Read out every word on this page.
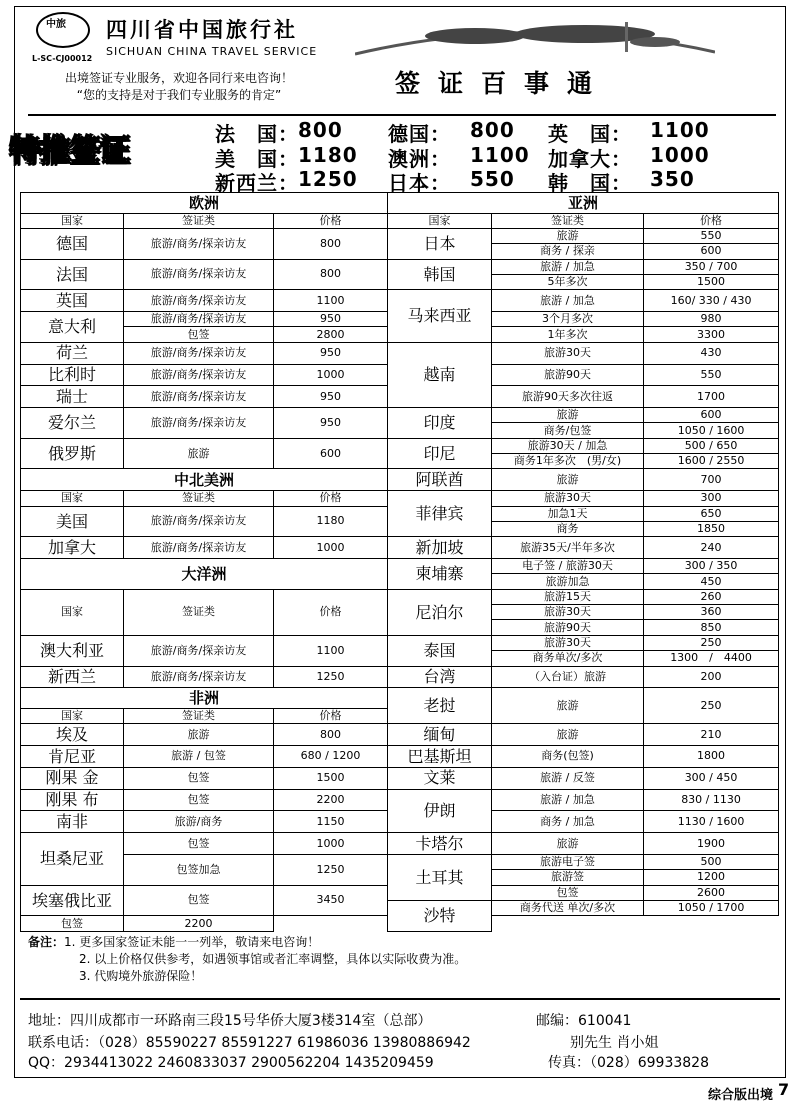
中旅 四川省中国旅行社
SICHUAN CHINA TRAVEL SERVICE
L-SC-CJ00012
出境签证专业服务，欢迎各同行来电咨询！
“您的支持是对于我们专业服务的肯定”	签证百事通
特推签证	法　国： 800 德国： 800 英　国： 1100
美　国： 1180 澳洲： 1100 加拿大： 1000
新西兰： 1250 日本： 550 韩　国： 350
欧洲			亚洲		
国家	签证类	价格	国家	签证类	价格
德国	旅游/商务/探亲访友	800	日本	旅游	550
				商务 / 探亲	600
法国	旅游/商务/探亲访友	800	韩国	旅游 / 加急	350 / 700
				5年多次	1500
英国	旅游/商务/探亲访友	1100	马来西亚	旅游 / 加急	160/ 330 / 430
意大利	旅游/商务/探亲访友	950		3个月多次	980
	包签	2800		1年多次	3300
荷兰	旅游/商务/探亲访友	950	越南	旅游30天	430
比利时	旅游/商务/探亲访友	1000		旅游90天	550
瑞士	旅游/商务/探亲访友	950		旅游90天多次往返	1700
爱尔兰	旅游/商务/探亲访友	950	印度	旅游	600
				商务/包签	1050 / 1600
俄罗斯	旅游	600	印尼	旅游30天 / 加急	500 / 650
				商务1年多次　(男/女)	1600 / 2550
中北美洲			阿联酋	旅游	700
国家	签证类	价格	菲律宾	旅游30天	300
美国	旅游/商务/探亲访友	1180		加急1天	650
				商务	1850
加拿大	旅游/商务/探亲访友	1000	新加坡	旅游35天/半年多次	240
大洋洲			柬埔寨	电子签 / 旅游30天	300 / 350
				旅游加急	450
国家	签证类	价格	尼泊尔	旅游15天	260
				旅游30天	360
				旅游90天	850
澳大利亚	旅游/商务/探亲访友	1100	泰国	旅游30天	250
				商务单次/多次	1300　/　4400
新西兰	旅游/商务/探亲访友	1250	台湾	（入台证）旅游	200
非洲			老挝	旅游	250
国家	签证类	价格			
埃及	旅游	800	缅甸	旅游	210
肯尼亚	旅游 / 包签	680 / 1200	巴基斯坦	商务(包签)	1800
刚果 金	包签	1500	文莱	旅游 / 反签	300 / 450
刚果 布	包签	2200	伊朗	旅游 / 加急	830 / 1130
南非	旅游/商务	1150		商务 / 加急	1130 / 1600
坦桑尼亚	包签	1000	卡塔尔	旅游	1900
	包签加急	1250	土耳其	旅游电子签	500
				旅游签	1200
埃塞俄比亚	包签	3450		包签	2600
			沙特	商务代送 单次/多次	1050 / 1700
包签	2200				
备注：1. 更多国家签证未能一一列举，敬请来电咨询！
2. 以上价格仅供参考，如遇领事馆或者汇率调整，具体以实际收费为准。
3. 代购境外旅游保险！
地址：四川成都市一环路南三段15号华侨大厦3楼314室（总部）	邮编：610041
联系电话：（028）85590227 85591227 61986036 13980886942	别先生 肖小姐
QQ：2934413022 2460833037 2900562204 1435209459	传真：（028）69933828
综合版出境 7
